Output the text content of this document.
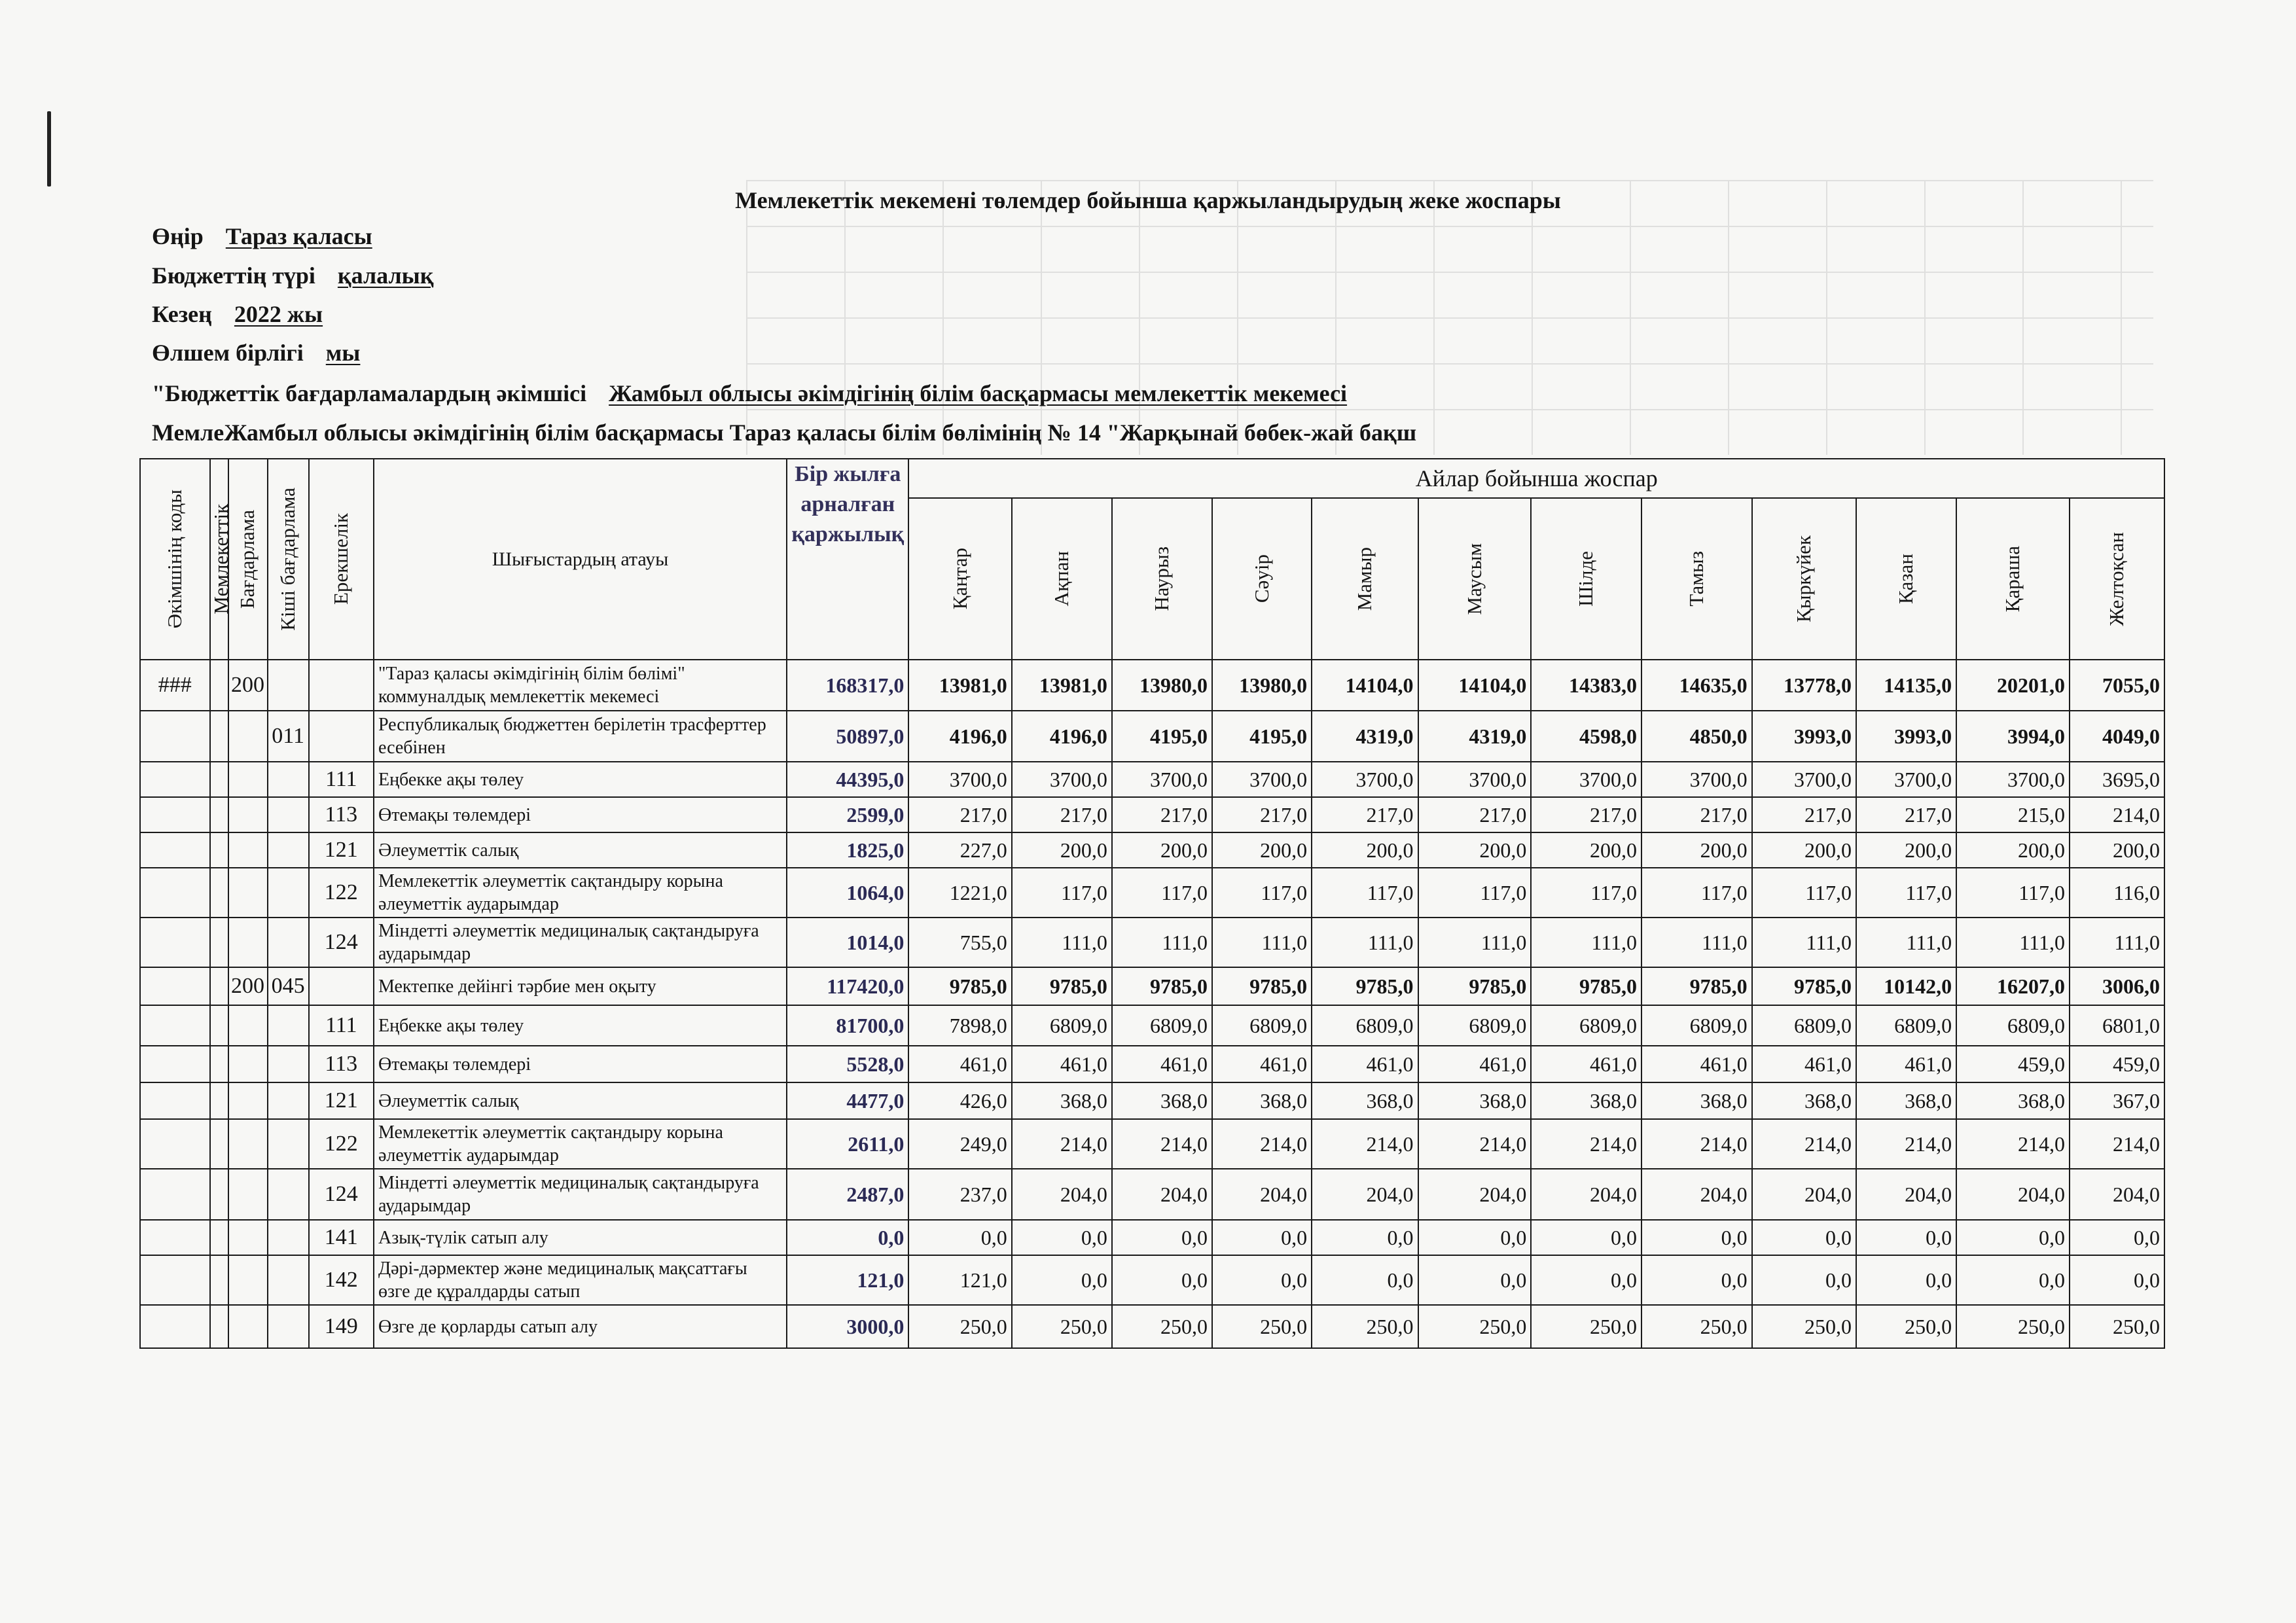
Мемлекеттік мекемені төлемдер бойынша қаржыландырудың жеке жоспары
Өңір Тараз қаласы
Бюджеттің түрі қалалық
Кезең 2022 жы
Өлшем бірлігі мы
"Бюджеттік бағдарламалардың әкімшісі Жамбыл облысы әкімдігінің білім басқармасы мемлекеттік мекемесі
МемлеЖамбыл облысы әкімдігінің білім басқармасы Тараз қаласы білім бөлімінің № 14 "Жарқынай бөбек-жай бақш
Әкімшінің коды	Мемлекеттік	Бағдарлама	Кіші бағдарлама	Ерекшелік	Шығыстардың атауы	Бір жылға арналған қаржылық	Айлар бойынша жоспар											

							Қаңтар	Ақпан	Наурыз	Сәуір	Мамыр	Маусым	Шілде	Тамыз	Қыркүйек	Қазан	Қараша	Желтоқсан

###		200			"Тараз қаласы әкімдігінің білім бөлімі" коммуналдық мемлекеттік мекемесі	168317,0	13981,0	13981,0	13980,0	13980,0	14104,0	14104,0	14383,0	14635,0	13778,0	14135,0	20201,0	7055,0
			011		Республикалық бюджеттен берілетін трасферттер есебінен	50897,0	4196,0	4196,0	4195,0	4195,0	4319,0	4319,0	4598,0	4850,0	3993,0	3993,0	3994,0	4049,0
				111	Еңбекке ақы төлеу	44395,0	3700,0	3700,0	3700,0	3700,0	3700,0	3700,0	3700,0	3700,0	3700,0	3700,0	3700,0	3695,0
				113	Өтемақы төлемдері	2599,0	217,0	217,0	217,0	217,0	217,0	217,0	217,0	217,0	217,0	217,0	215,0	214,0
				121	Әлеуметтік салық	1825,0	227,0	200,0	200,0	200,0	200,0	200,0	200,0	200,0	200,0	200,0	200,0	200,0
				122	Мемлекеттік әлеуметтік сақтандыру корына әлеуметтік аударымдар	1064,0	1221,0	117,0	117,0	117,0	117,0	117,0	117,0	117,0	117,0	117,0	117,0	116,0
				124	Міндетті әлеуметтік медициналық сақтандыруға аударымдар	1014,0	755,0	111,0	111,0	111,0	111,0	111,0	111,0	111,0	111,0	111,0	111,0	111,0
		200	045		Мектепке дейінгі тәрбие мен оқыту	117420,0	9785,0	9785,0	9785,0	9785,0	9785,0	9785,0	9785,0	9785,0	9785,0	10142,0	16207,0	3006,0
				111	Еңбекке ақы төлеу	81700,0	7898,0	6809,0	6809,0	6809,0	6809,0	6809,0	6809,0	6809,0	6809,0	6809,0	6809,0	6801,0
				113	Өтемақы төлемдері	5528,0	461,0	461,0	461,0	461,0	461,0	461,0	461,0	461,0	461,0	461,0	459,0	459,0
				121	Әлеуметтік салық	4477,0	426,0	368,0	368,0	368,0	368,0	368,0	368,0	368,0	368,0	368,0	368,0	367,0
				122	Мемлекеттік әлеуметтік сақтандыру корына әлеуметтік аударымдар	2611,0	249,0	214,0	214,0	214,0	214,0	214,0	214,0	214,0	214,0	214,0	214,0	214,0
				124	Міндетті әлеуметтік медициналық сақтандыруға аударымдар	2487,0	237,0	204,0	204,0	204,0	204,0	204,0	204,0	204,0	204,0	204,0	204,0	204,0
				141	Азық-түлік сатып алу	0,0	0,0	0,0	0,0	0,0	0,0	0,0	0,0	0,0	0,0	0,0	0,0	0,0
				142	Дәрі-дәрмектер және медициналық мақсаттағы өзге де құралдарды сатып	121,0	121,0	0,0	0,0	0,0	0,0	0,0	0,0	0,0	0,0	0,0	0,0	0,0
				149	Өзге де қорларды сатып алу	3000,0	250,0	250,0	250,0	250,0	250,0	250,0	250,0	250,0	250,0	250,0	250,0	250,0
